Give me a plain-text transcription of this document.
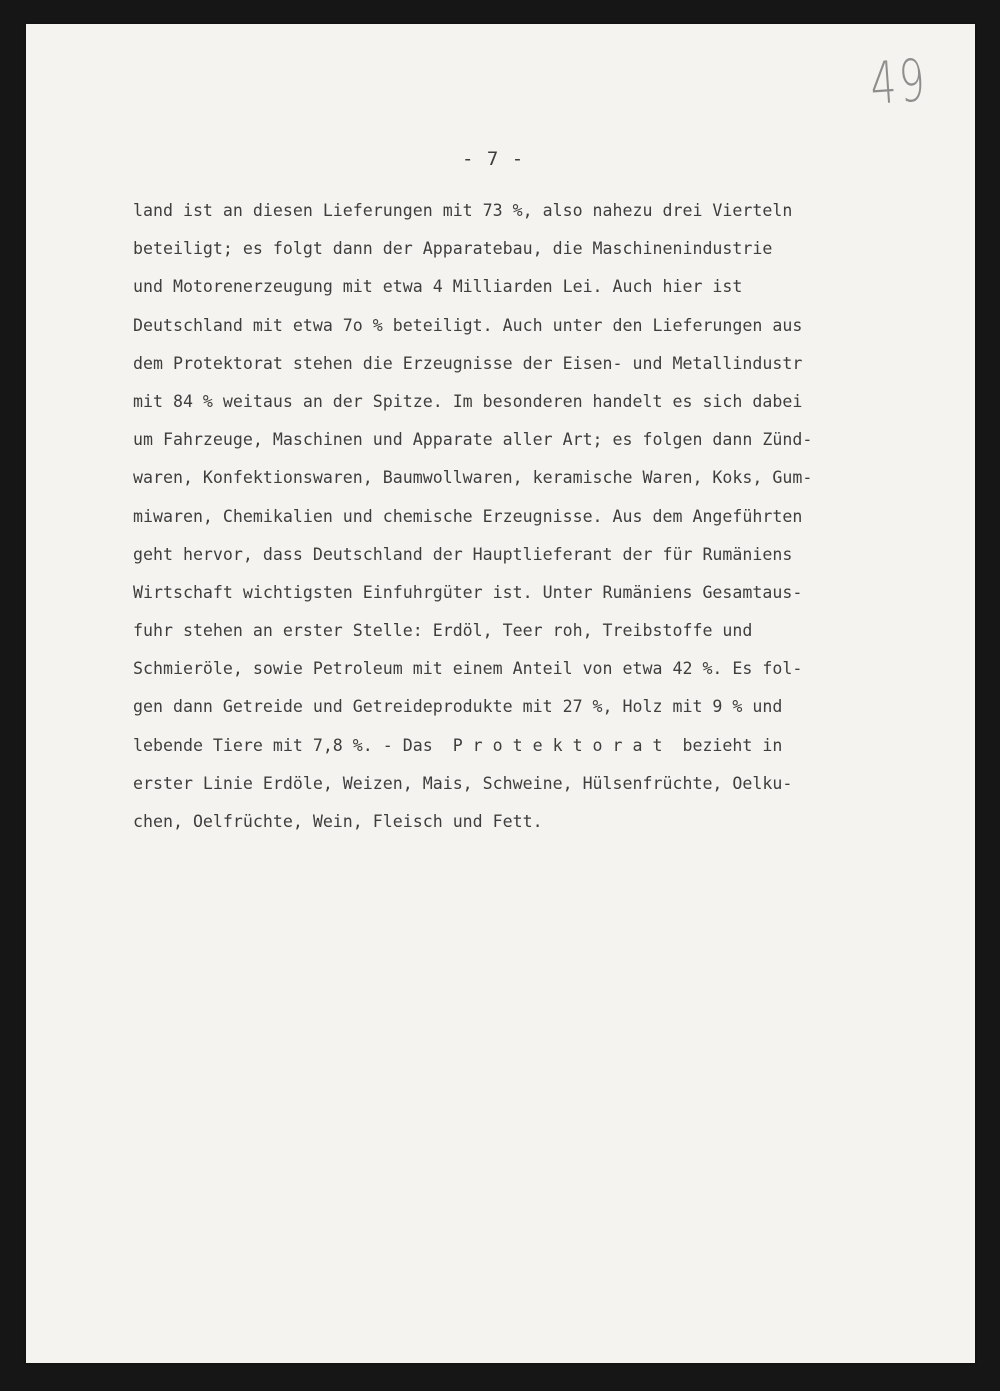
49
- 7 -
land ist an diesen Lieferungen mit 73 %, also nahezu drei Vierteln
beteiligt; es folgt dann der Apparatebau, die Maschinenindustrie
und Motorenerzeugung mit etwa 4 Milliarden Lei. Auch hier ist
Deutschland mit etwa 7o % beteiligt. Auch unter den Lieferungen aus
dem Protektorat stehen die Erzeugnisse der Eisen- und Metallindustr
mit 84 % weitaus an der Spitze. Im besonderen handelt es sich dabei
um Fahrzeuge, Maschinen und Apparate aller Art; es folgen dann Zünd-
waren, Konfektionswaren, Baumwollwaren, keramische Waren, Koks, Gum-
miwaren, Chemikalien und chemische Erzeugnisse. Aus dem Angeführten
geht hervor, dass Deutschland der Hauptlieferant der für Rumäniens
Wirtschaft wichtigsten Einfuhrgüter ist. Unter Rumäniens Gesamtaus-
fuhr stehen an erster Stelle: Erdöl, Teer roh, Treibstoffe und
Schmieröle, sowie Petroleum mit einem Anteil von etwa 42 %. Es fol-
gen dann Getreide und Getreideprodukte mit 27 %, Holz mit 9 % und
lebende Tiere mit 7,8 %. - Das  P r o t e k t o r a t  bezieht in
erster Linie Erdöle, Weizen, Mais, Schweine, Hülsenfrüchte, Oelku-
chen, Oelfrüchte, Wein, Fleisch und Fett.
